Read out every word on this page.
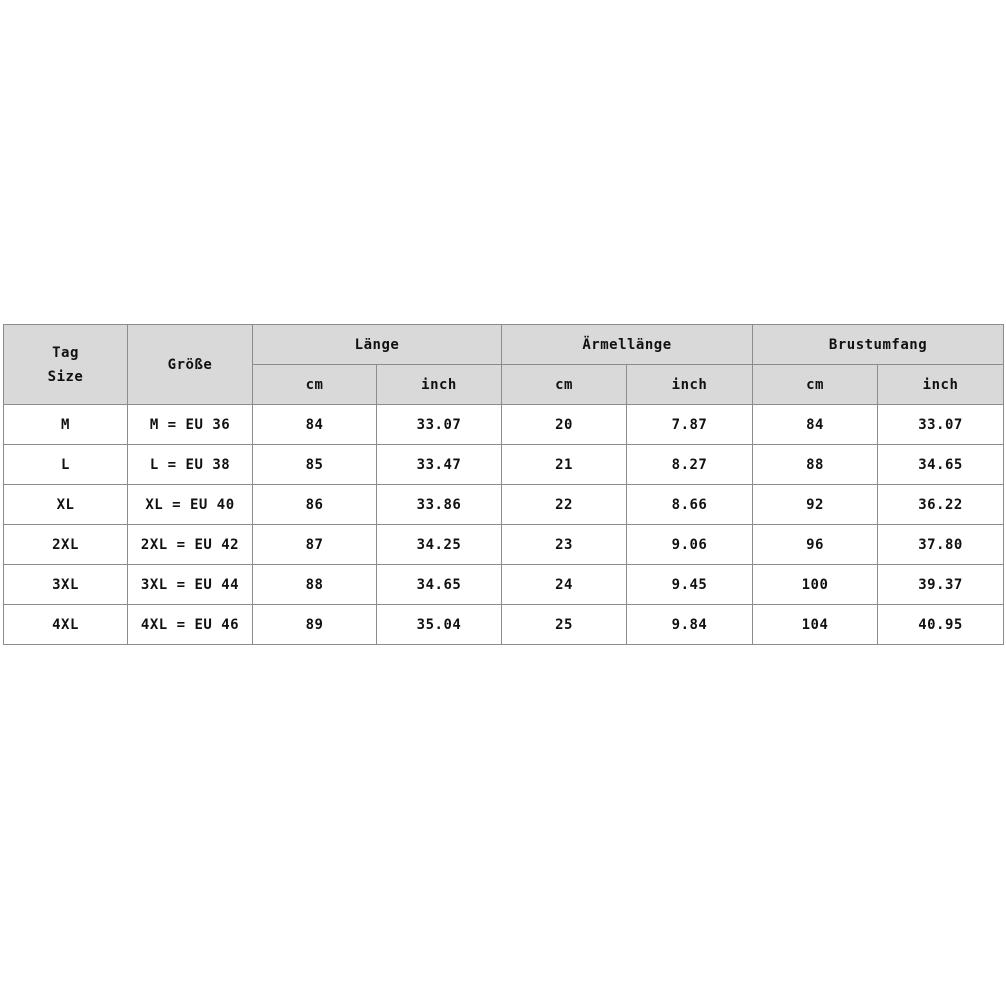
Tag
Size	Größe	Länge		Ärmellänge		Brustumfang	
		cm	inch	cm	inch	cm	inch
M	M = EU 36	84	33.07	20	7.87	84	33.07
L	L = EU 38	85	33.47	21	8.27	88	34.65
XL	XL = EU 40	86	33.86	22	8.66	92	36.22
2XL	2XL = EU 42	87	34.25	23	9.06	96	37.80
3XL	3XL = EU 44	88	34.65	24	9.45	100	39.37
4XL	4XL = EU 46	89	35.04	25	9.84	104	40.95
